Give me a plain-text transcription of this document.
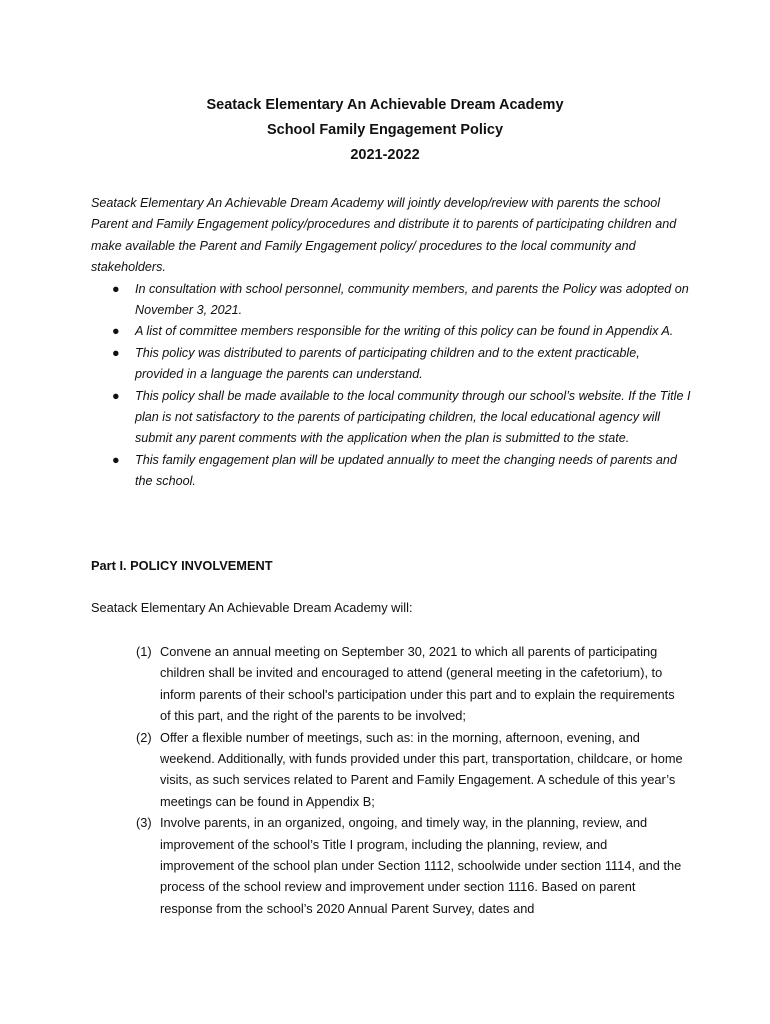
Seatack Elementary An Achievable Dream Academy
School Family Engagement Policy
2021-2022

Seatack Elementary An Achievable Dream Academy will jointly develop/review with parents the school Parent and Family Engagement policy/procedures and distribute it to parents of participating children and make available the Parent and Family Engagement policy/ procedures to the local community and stakeholders.

● In consultation with school personnel, community members, and parents the Policy was adopted on November 3, 2021.
● A list of committee members responsible for the writing of this policy can be found in Appendix A.
● This policy was distributed to parents of participating children and to the extent practicable, provided in a language the parents can understand.
● This policy shall be made available to the local community through our school’s website. If the Title I plan is not satisfactory to the parents of participating children, the local educational agency will submit any parent comments with the application when the plan is submitted to the state.
● This family engagement plan will be updated annually to meet the changing needs of parents and the school.
Part I. POLICY INVOLVEMENT
Seatack Elementary An Achievable Dream Academy will:
(1) Convene an annual meeting on September 30, 2021 to which all parents of participating children shall be invited and encouraged to attend (general meeting in the cafetorium), to inform parents of their school's participation under this part and to explain the requirements of this part, and the right of the parents to be involved;
(2) Offer a flexible number of meetings, such as: in the morning, afternoon, evening, and weekend. Additionally, with funds provided under this part, transportation, childcare, or home visits, as such services related to Parent and Family Engagement. A schedule of this year’s meetings can be found in Appendix B;
(3) Involve parents, in an organized, ongoing, and timely way, in the planning, review, and improvement of the school’s Title I program, including the planning, review, and improvement of the school plan under Section 1112, schoolwide under section 1114, and the process of the school review and improvement under section 1116. Based on parent response from the school’s 2020 Annual Parent Survey, dates and
